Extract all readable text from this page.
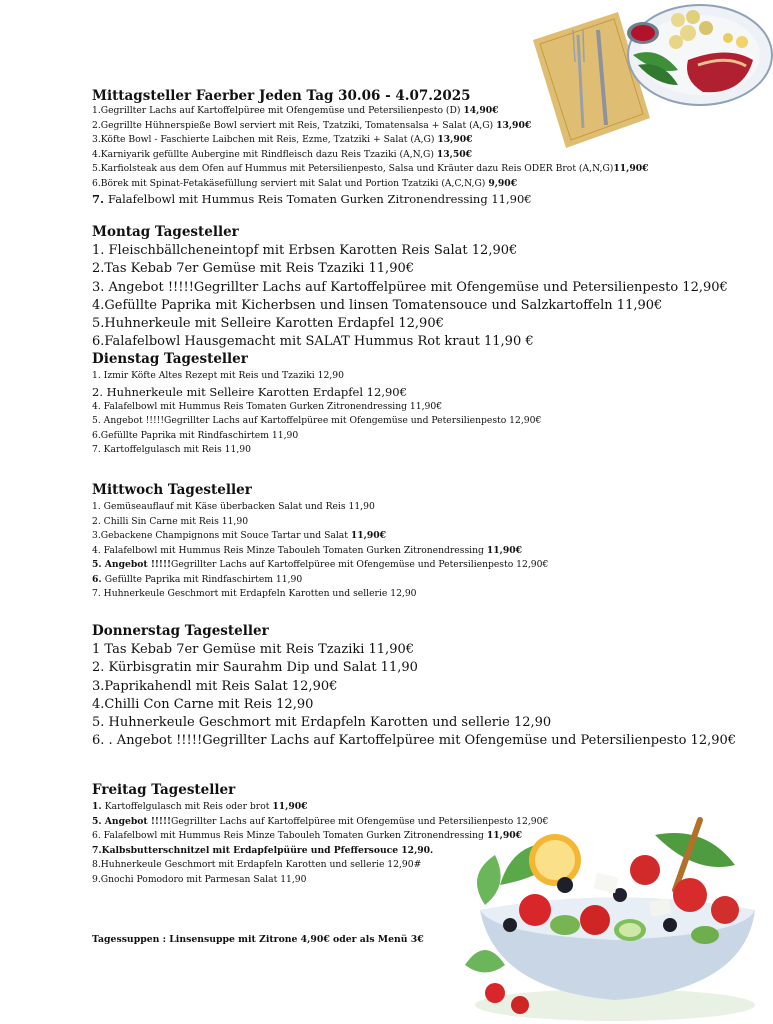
Mittagsteller Faerber Jeden Tag 30.06 - 4.07.2025
1.Gegrillter Lachs auf Kartoffelpüree mit Ofengemüse und Petersilienpesto (D) 14,90€
2.Gegrillte Hühnerspieße Bowl serviert mit Reis, Tzatziki, Tomatensalsa + Salat (A,G) 13,90€
3.Köfte Bowl - Faschierte Laibchen mit Reis, Ezme, Tzatziki + Salat (A,G) 13,90€
4.Karniyarik gefüllte Aubergine mit Rindfleisch dazu Reis Tzaziki (A,N,G) 13,50€
5.Karfiolsteak aus dem Ofen auf Hummus mit Petersilienpesto, Salsa und Kräuter dazu Reis ODER Brot (A,N,G)11,90€
6.Börek mit Spinat-Fetakäsefüllung serviert mit Salat und Portion Tzatziki (A,C,N,G) 9,90€
7. Falafelbowl mit Hummus Reis Tomaten Gurken Zitronendressing 11,90€
Montag Tagesteller
1. Fleischbällcheneintopf mit Erbsen Karotten Reis Salat 12,90€
2.Tas Kebab 7er Gemüse mit Reis Tzaziki 11,90€
3. Angebot !!!!!Gegrillter Lachs auf Kartoffelpüree mit Ofengemüse und Petersilienpesto 12,90€
4.Gefüllte Paprika mit Kicherbsen und linsen Tomatensouce und Salzkartoffeln 11,90€
5.Huhnerkeule mit Selleire Karotten Erdapfel 12,90€
6.Falafelbowl Hausgemacht mit SALAT Hummus Rot kraut 11,90 €
Dienstag Tagesteller
1. Izmir Köfte Altes Rezept mit Reis und Tzaziki 12,90
2. Huhnerkeule mit Selleire Karotten Erdapfel 12,90€
4. Falafelbowl mit Hummus Reis Tomaten Gurken Zitronendressing 11,90€
5. Angebot !!!!!Gegrillter Lachs auf Kartoffelpüree mit Ofengemüse und Petersilienpesto 12,90€
6.Gefüllte Paprika mit Rindfaschirtem 11,90
7. Kartoffelgulasch mit Reis 11,90
Mittwoch Tagesteller
1. Gemüseauflauf mit Käse überbacken Salat und Reis 11,90
2. Chilli Sin Carne mit Reis 11,90
3.Gebackene Champignons mit Souce Tartar und Salat 11,90€
4. Falafelbowl mit Hummus Reis Minze Tabouleh Tomaten Gurken Zitronendressing 11,90€
5. Angebot !!!!!Gegrillter Lachs auf Kartoffelpüree mit Ofengemüse und Petersilienpesto 12,90€
6. Gefüllte Paprika mit Rindfaschirtem 11,90
7. Huhnerkeule Geschmort mit Erdapfeln Karotten und sellerie 12,90
Donnerstag Tagesteller
1 Tas Kebab 7er Gemüse mit Reis Tzaziki 11,90€
2. Kürbisgratin mir Saurahm Dip und Salat 11,90
3.Paprikahendl mit Reis Salat 12,90€
4.Chilli Con Carne mit Reis 12,90
5. Huhnerkeule Geschmort mit Erdapfeln Karotten und sellerie 12,90
6. . Angebot !!!!!Gegrillter Lachs auf Kartoffelpüree mit Ofengemüse und Petersilienpesto 12,90€
Freitag Tagesteller
1. Kartoffelgulasch mit Reis oder brot 11,90€
5. Angebot !!!!!Gegrillter Lachs auf Kartoffelpüree mit Ofengemüse und Petersilienpesto 12,90€
6. Falafelbowl mit Hummus Reis Minze Tabouleh Tomaten Gurken Zitronendressing 11,90€
7.Kalbsbutterschnitzel mit Erdapfelpüüre und Pfeffersouce 12,90.
8.Huhnerkeule Geschmort mit Erdapfeln Karotten und sellerie 12,90#
9.Gnochi Pomodoro mit Parmesan Salat 11,90
Tagessuppen : Linsensuppe mit Zitrone 4,90€ oder als Menü 3€
